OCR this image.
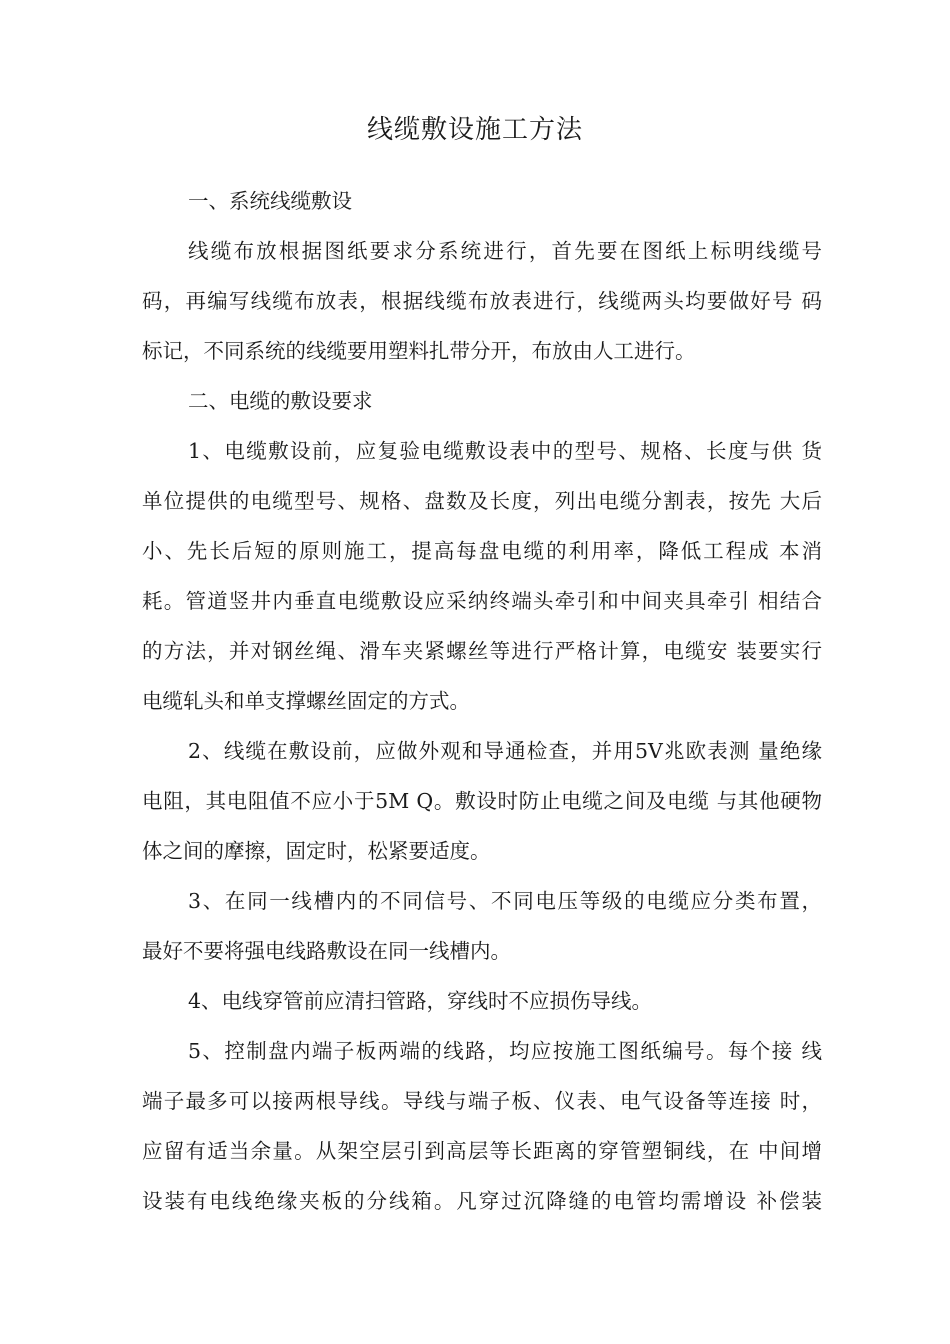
线缆敷设施工方法
一、系统线缆敷设
线缆布放根据图纸要求分系统进行，首先要在图纸上标明线缆号
码，再编写线缆布放表，根据线缆布放表进行，线缆两头均要做好号 码
标记，不同系统的线缆要用塑料扎带分开，布放由人工进行。
二、电缆的敷设要求
1、电缆敷设前，应复验电缆敷设表中的型号、规格、长度与供 货
单位提供的电缆型号、规格、盘数及长度，列出电缆分割表，按先 大后
小、先长后短的原则施工，提高每盘电缆的利用率，降低工程成 本消
耗。管道竖井内垂直电缆敷设应采纳终端头牵引和中间夹具牵引 相结合
的方法，并对钢丝绳、滑车夹紧螺丝等进行严格计算，电缆安 装要实行
电缆轧头和单支撑螺丝固定的方式。
2、线缆在敷设前，应做外观和导通检查，并用5V兆欧表测 量绝缘
电阻，其电阻值不应小于5M Q。敷设时防止电缆之间及电缆 与其他硬物
体之间的摩擦，固定时，松紧要适度。
3、在同一线槽内的不同信号、不同电压等级的电缆应分类布置，
最好不要将强电线路敷设在同一线槽内。
4、电线穿管前应清扫管路，穿线时不应损伤导线。
5、控制盘内端子板两端的线路，均应按施工图纸编号。每个接 线
端子最多可以接两根导线。导线与端子板、仪表、电气设备等连接 时，
应留有适当余量。从架空层引到高层等长距离的穿管塑铜线，在 中间增
设装有电线绝缘夹板的分线箱。凡穿过沉降缝的电管均需增设 补偿装
